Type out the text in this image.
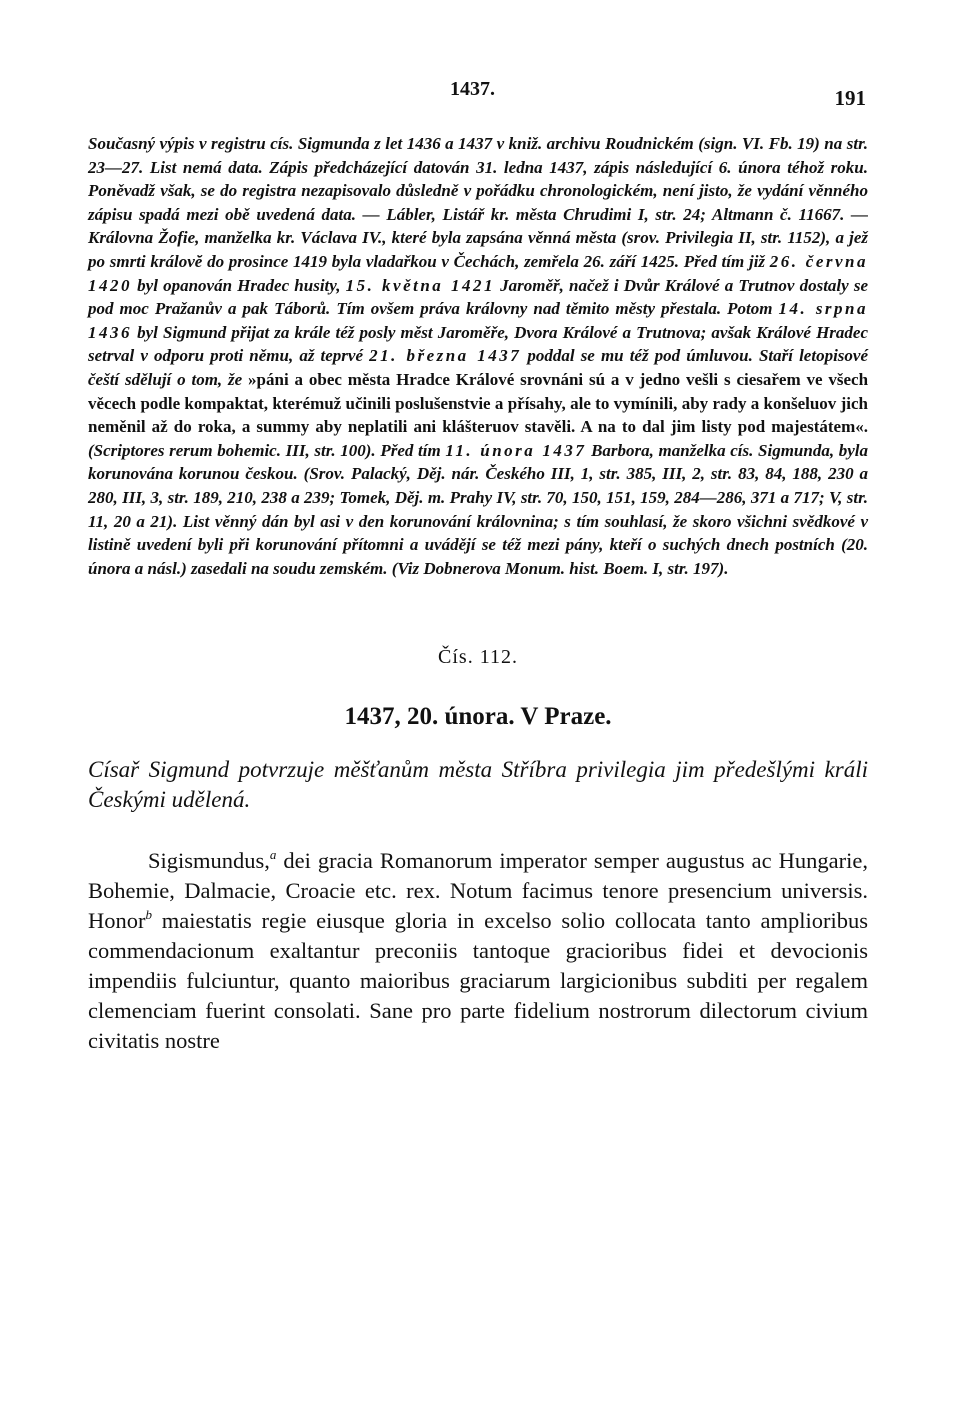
1437.	191

Současný výpis v registru cís. Sigmunda z let 1436 a 1437 v kniž. archivu Roudnickém (sign. VI. Fb. 19) na str. 23—27. List nemá data. Zápis předcházející datován 31. ledna 1437, zápis následující 6. února téhož roku. Poněvadž však, se do registra nezapisovalo důsledně v pořádku chronologickém, není jisto, že vydání věnného zápisu spadá mezi obě uvedená data. — Lábler, Listář kr. města Chrudimi I, str. 24; Altmann č. 11667. — Královna Žofie, manželka kr. Václava IV., které byla zapsána věnná města (srov. Privilegia II, str. 1152), a jež po smrti královĕ do prosince 1419 byla vladařkou v Čechách, zemřela 26. září 1425. Před tím již 26. června 1420 byl opanován Hradec husity, 15. května 1421 Jaroměř, načež i Dvůr Králové a Trutnov dostaly se pod moc Pražanův a pak Táborů. Tím ovšem práva královny nad těmito městy přestala. Potom 14. srpna 1436 byl Sigmund přijat za krále též posly měst Jaroměře, Dvora Králové a Trutnova; avšak Králové Hradec setrval v odporu proti němu, až teprvé 21. března 1437 poddal se mu též pod úmluvou. Staří letopisové čeští sdělují o tom, že »páni a obec města Hradce Králové srovnáni sú a v jedno vešli s ciesařem ve všech věcech podle kompaktat, kterémuž učinili poslušenstvie a přísahy, ale to vymínili, aby rady a konšeluov jich neměnil až do roka, a summy aby neplatili ani klášteruov stavěli. A na to dal jim listy pod majestátem«. (Scriptores rerum bohemic. III, str. 100). Před tím 11. února 1437 Barbora, manželka cís. Sigmunda, byla korunována korunou českou. (Srov. Palacký, Děj. nár. Českého III, 1, str. 385, III, 2, str. 83, 84, 188, 230 a 280, III, 3, str. 189, 210, 238 a 239; Tomek, Děj. m. Prahy IV, str. 70, 150, 151, 159, 284—286, 371 a 717; V, str. 11, 20 a 21). List věnný dán byl asi v den korunování královnina; s tím souhlasí, že skoro všichni svědkové v listině uvedení byli při korunování přítomni a uvádějí se též mezi pány, kteří o suchých dnech postních (20. února a násl.) zasedali na soudu zemském. (Viz Dobnerova Monum. hist. Boem. I, str. 197).

Čís. 112.
1437, 20. února. V Praze.

Císař Sigmund potvrzuje měšťanům města Stříbra privilegia jim předešlými králi Českými udělená.

Sigismundus,$^a$ dei gracia Romanorum imperator semper augustus ac Hungarie, Bohemie, Dalmacie, Croacie etc. rex. Notum facimus tenore presencium universis. Honor$^b$ maiestatis regie eiusque gloria in excelso solio collocata tanto amplioribus commendacionum exaltantur preconiis tantoque gracioribus fidei et devocionis impendiis fulciuntur, quanto maioribus graciarum largicionibus subditi per regalem clemenciam fuerint consolati. Sane pro parte fidelium nostrorum dilectorum civium civitatis nostre
